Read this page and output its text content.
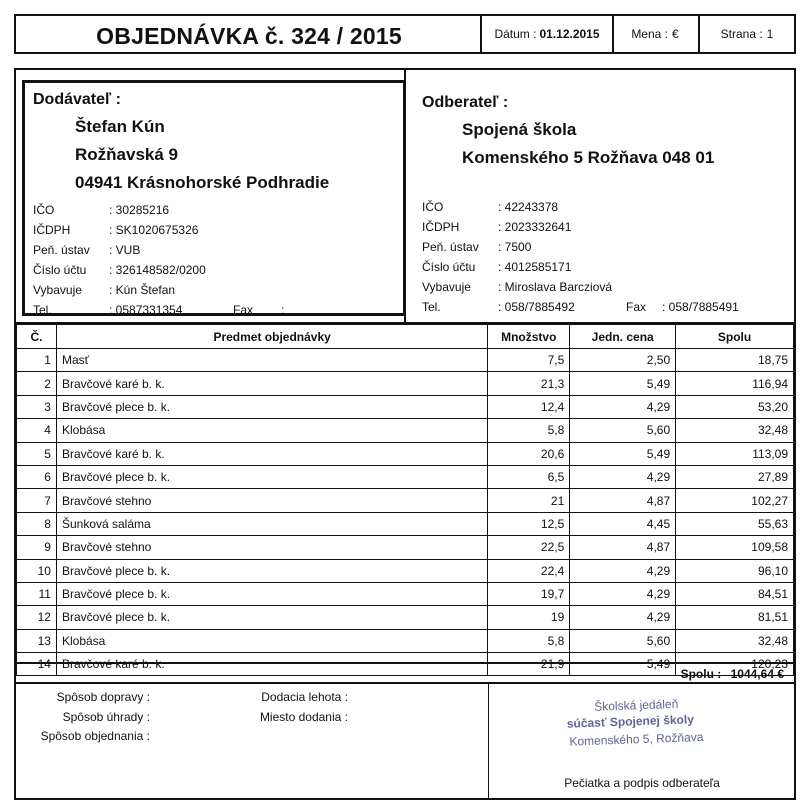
OBJEDNÁVKA č. 324 / 2015	Dátum : 01.12.2015	Mena : €	Strana : 1
Dodávateľ :
Štefan Kún
Rožňavská 9
04941 Krásnohorské Podhradie
IČO	: 30285216
IČDPH	: SK1020675326
Peň. ústav : VUB
Číslo účtu : 326148582/0200
Vybavuje : Kún Štefan
Tel.	: 0587331354	Fax :
Odberateľ :
Spojená škola
Komenského 5 Rožňava 048 01
IČO	: 42243378
IČDPH	: 2023332641
Peň. ústav : 7500
Číslo účtu : 4012585171
Vybavuje : Miroslava Barcziová
Tel.	: 058/7885492	Fax : 058/7885491
Č.	Predmet objednávky	Množstvo	Jedn. cena	Spolu
1	Masť	7,5	2,50	18,75
2	Bravčové karé b. k.	21,3	5,49	116,94
3	Bravčové plece b. k.	12,4	4,29	53,20
4	Klobása	5,8	5,60	32,48
5	Bravčové karé b. k.	20,6	5,49	113,09
6	Bravčové plece b. k.	6,5	4,29	27,89
7	Bravčové stehno	21	4,87	102,27
8	Šunková saláma	12,5	4,45	55,63
9	Bravčové stehno	22,5	4,87	109,58
10	Bravčové plece b. k.	22,4	4,29	96,10
11	Bravčové plece b. k.	19,7	4,29	84,51
12	Bravčové plece b. k.	19	4,29	81,51
13	Klobása	5,8	5,60	32,48
14	Bravčové karé b. k.	21,9	5,49	120,23
Spolu : 1044,64 €
Spôsob dopravy :
Spôsob úhrady :
Spôsob objednania :
Dodacia lehota :
Miesto dodania :
Školská jedáleň
súčasť Spojenej školy
Komenského 5, Rožňava
Pečiatka a podpis odberateľa
